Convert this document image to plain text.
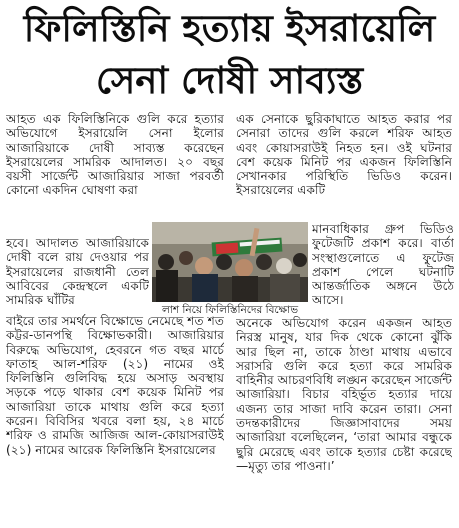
ফিলিস্তিনি হত্যায় ইসরায়েলি
সেনা দোষী সাব্যস্ত

আহত এক ফিলিস্তিনিকে গুলি করে হত্যার অভিযোগে ইসরায়েলি সেনা ইলোর আজারিয়াকে দোষী সাব্যস্ত করেছেন ইসরায়েলের সামরিক আদালত। ২০ বছর বয়সী সার্জেন্ট আজারিয়ার সাজা পরবর্তী কোনো একদিন ঘোষণা করা

হবে। আদালত আজারিয়াকে দোষী বলে রায় দেওয়ার পর ইসরায়েলের রাজধানী তেল আবিবের কেন্দ্রস্থলে একটি সামরিক ঘাঁটির

বাইরে তার সমর্থনে বিক্ষোভে নেমেছে শত শত কট্টর-ডানপন্থি বিক্ষোভকারী। আজারিয়ার বিরুদ্ধে অভিযোগ, হেবরনে গত বছর মার্চে ফাতাহ আল-শরিফ (২১) নামের ওই ফিলিস্তিনি গুলিবিদ্ধ হয়ে অসাড় অবস্থায় সড়কে পড়ে থাকার বেশ কয়েক মিনিট পর আজারিয়া তাকে মাথায় গুলি করে হত্যা করেন। বিবিসির খবরে বলা হয়, ২৪ মার্চে শরিফ ও রামজি আজিজ আল-কোয়াসরাউই (২১) নামের আরেক ফিলিস্তিনি ইসরায়েলের

এক সেনাকে ছুরিকাঘাতে আহত করার পর সেনারা তাদের গুলি করলে শরিফ আহত এবং কোয়াসরাউই নিহত হন। ওই ঘটনার বেশ কয়েক মিনিট পর একজন ফিলিস্তিনি সেখানকার পরিস্থিতি ভিডিও করেন। ইসরায়েলের একটি

মানবাধিকার গ্রুপ ভিডিও ফুটেজটি প্রকাশ করে। বার্তা সংস্থাগুলোতে এ ফুটেজ প্রকাশ পেলে ঘটনাটি আন্তর্জাতিক অঙ্গনে উঠে আসে।

অনেকে অভিযোগ করেন একজন আহত নিরস্ত্র মানুষ, যার দিক থেকে কোনো ঝুঁকি আর ছিল না, তাকে ঠাণ্ডা মাথায় এভাবে সরাসরি গুলি করে হত্যা করে সামরিক বাহিনীর আচরণবিধি লঙ্ঘন করেছেন সার্জেন্ট আজারিয়া। বিচার বহির্ভূত হত্যার দায়ে এজন্য তার সাজা দাবি করেন তারা। সেনা তদন্তকারীদের জিজ্ঞাসাবাদের সময় আজারিয়া বলেছিলেন, ‘তারা আমার বন্ধুকে ছুরি মেরেছে এবং তাকে হত্যার চেষ্টা করেছে—মৃত্যু তার পাওনা।’

লাশ নিয়ে ফিলিস্তিনিদের বিক্ষোভ
